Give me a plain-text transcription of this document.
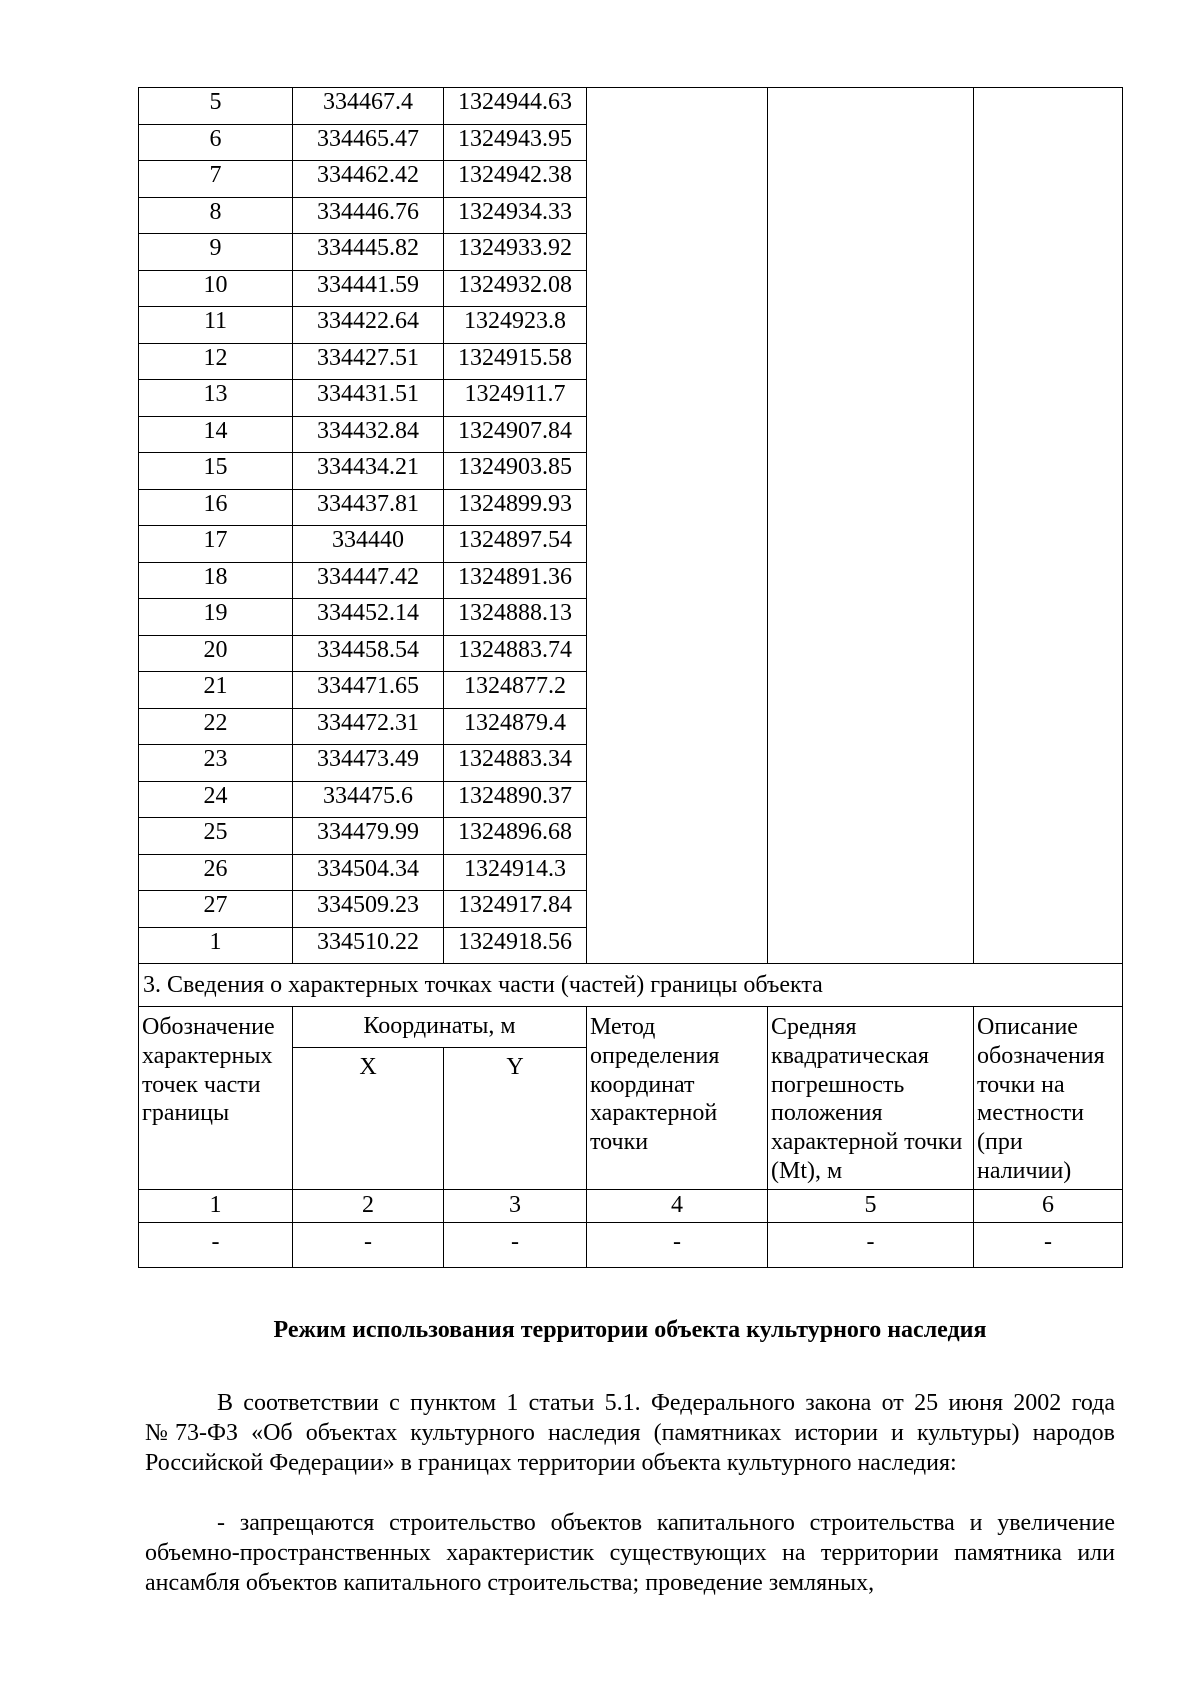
5	334467.4	1324944.63			
6	334465.47	1324943.95			
7	334462.42	1324942.38			
8	334446.76	1324934.33			
9	334445.82	1324933.92			
10	334441.59	1324932.08			
11	334422.64	1324923.8			
12	334427.51	1324915.58			
13	334431.51	1324911.7			
14	334432.84	1324907.84			
15	334434.21	1324903.85			
16	334437.81	1324899.93			
17	334440	1324897.54			
18	334447.42	1324891.36			
19	334452.14	1324888.13			
20	334458.54	1324883.74			
21	334471.65	1324877.2			
22	334472.31	1324879.4			
23	334473.49	1324883.34			
24	334475.6	1324890.37			
25	334479.99	1324896.68			
26	334504.34	1324914.3			
27	334509.23	1324917.84			
1	334510.22	1324918.56			
3. Сведения о характерных точках части (частей) границы объекта					
Обозначение характерных точек части границы	Координаты, м		Метод определения координат характерной точки	Средняя квадратическая погрешность положения характерной точки (Mt), м	Описание обозначения точки на местности (при наличии)
	X	Y			
1	2	3	4	5	6
-	-	-	-	-	-
Режим использования территории объекта культурного наследия

В соответствии с пунктом 1 статьи 5.1. Федерального закона от 25 июня 2002 года №73-ФЗ «Об объектах культурного наследия (памятниках истории и культуры) народов Российской Федерации» в границах территории объекта культурного наследия:

- запрещаются строительство объектов капитального строительства и увеличение объемно-пространственных характеристик существующих на территории памятника или ансамбля объектов капитального строительства; проведение земляных,
